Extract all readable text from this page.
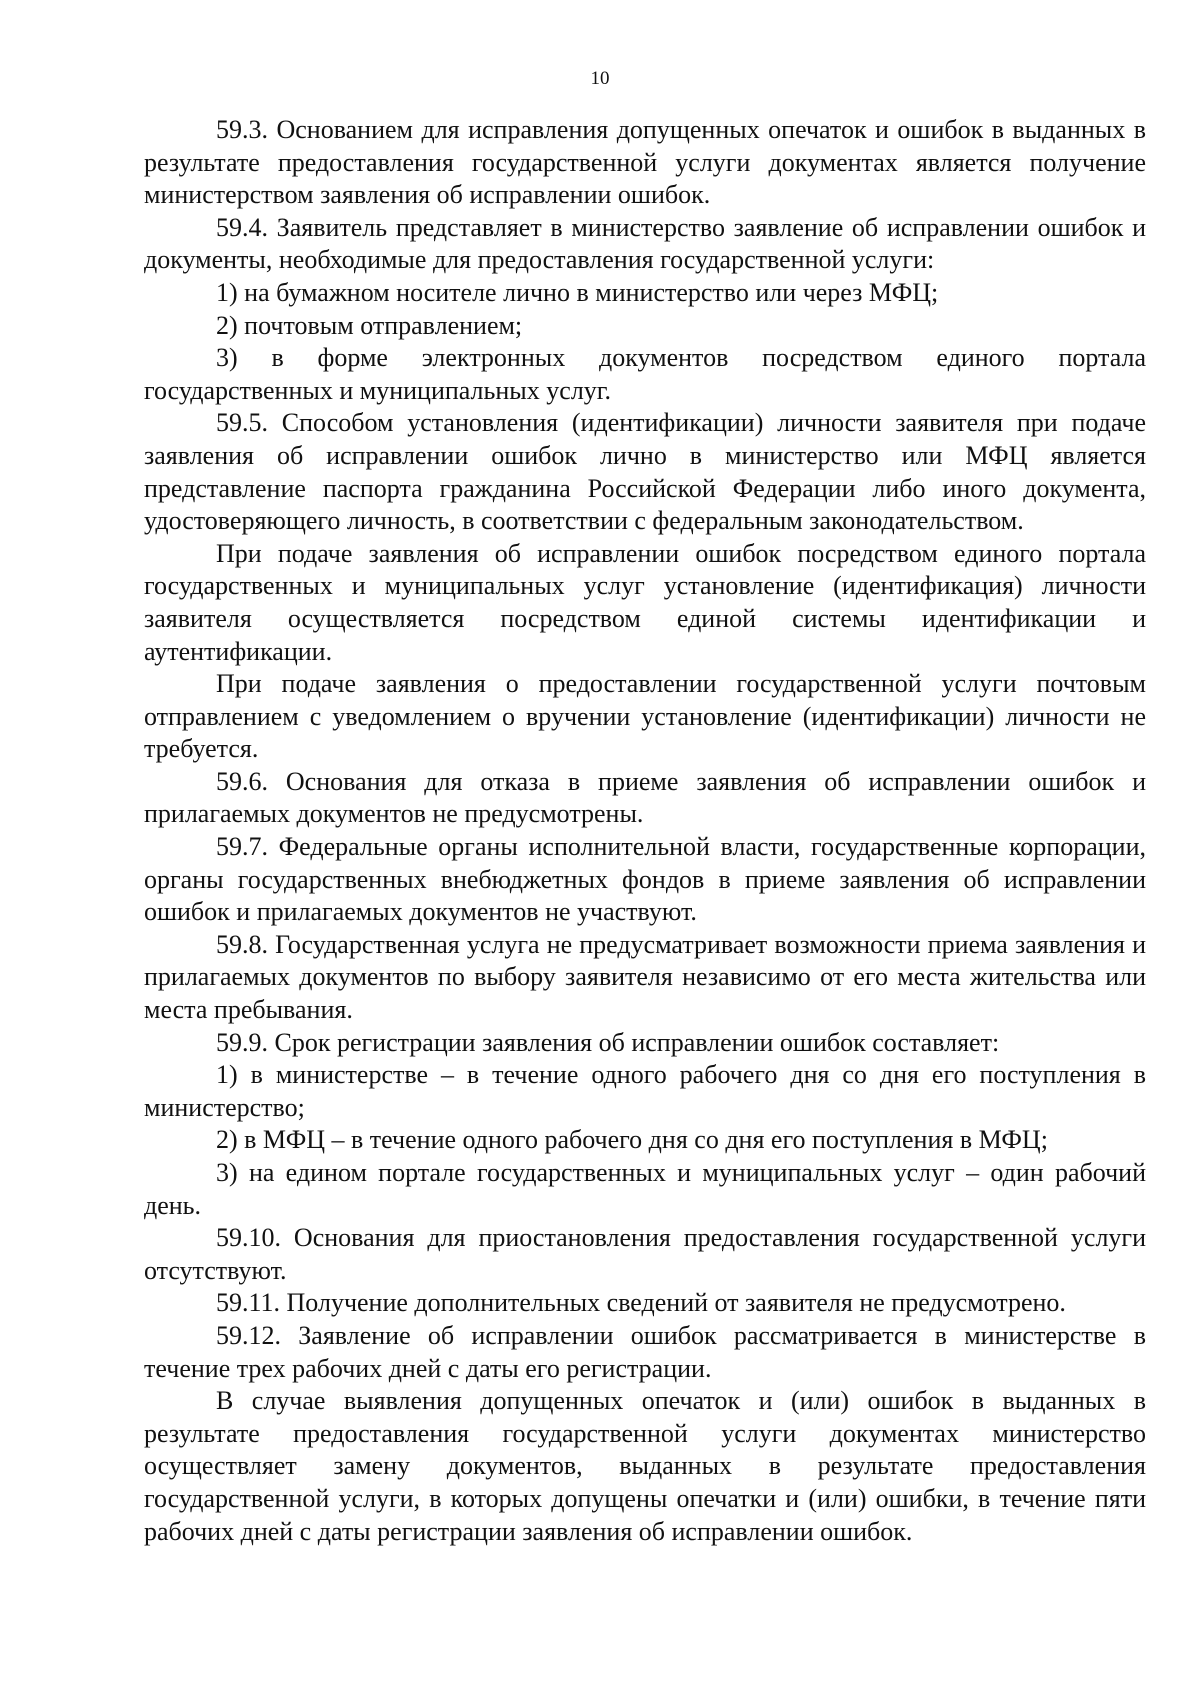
10

59.3. Основанием для исправления допущенных опечаток и ошибок в выданных в результате предоставления государственной услуги документах является получение министерством заявления об исправлении ошибок.

59.4. Заявитель представляет в министерство заявление об исправлении ошибок и документы, необходимые для предоставления государственной услуги:

1) на бумажном носителе лично в министерство или через МФЦ;

2) почтовым отправлением;

3) в форме электронных документов посредством единого портала государственных и муниципальных услуг.

59.5. Способом установления (идентификации) личности заявителя при подаче заявления об исправлении ошибок лично в министерство или МФЦ является представление паспорта гражданина Российской Федерации либо иного документа, удостоверяющего личность, в соответствии с федеральным законодательством.

При подаче заявления об исправлении ошибок посредством единого портала государственных и муниципальных услуг установление (идентификация) личности заявителя осуществляется посредством единой системы идентификации и аутентификации.

При подаче заявления о предоставлении государственной услуги почтовым отправлением с уведомлением о вручении установление (идентификации) личности не требуется.

59.6. Основания для отказа в приеме заявления об исправлении ошибок и прилагаемых документов не предусмотрены.

59.7. Федеральные органы исполнительной власти, государственные корпорации, органы государственных внебюджетных фондов в приеме заявления об исправлении ошибок и прилагаемых документов не участвуют.

59.8. Государственная услуга не предусматривает возможности приема заявления и прилагаемых документов по выбору заявителя независимо от его места жительства или места пребывания.

59.9. Срок регистрации заявления об исправлении ошибок составляет:

1) в министерстве – в течение одного рабочего дня со дня его поступления в министерство;

2) в МФЦ – в течение одного рабочего дня со дня его поступления в МФЦ;

3) на едином портале государственных и муниципальных услуг – один рабочий день.

59.10. Основания для приостановления предоставления государственной услуги отсутствуют.

59.11. Получение дополнительных сведений от заявителя не предусмотрено.

59.12. Заявление об исправлении ошибок рассматривается в министерстве в течение трех рабочих дней с даты его регистрации.

В случае выявления допущенных опечаток и (или) ошибок в выданных в результате предоставления государственной услуги документах министерство осуществляет замену документов, выданных в результате предоставления государственной услуги, в которых допущены опечатки и (или) ошибки, в течение пяти рабочих дней с даты регистрации заявления об исправлении ошибок.
